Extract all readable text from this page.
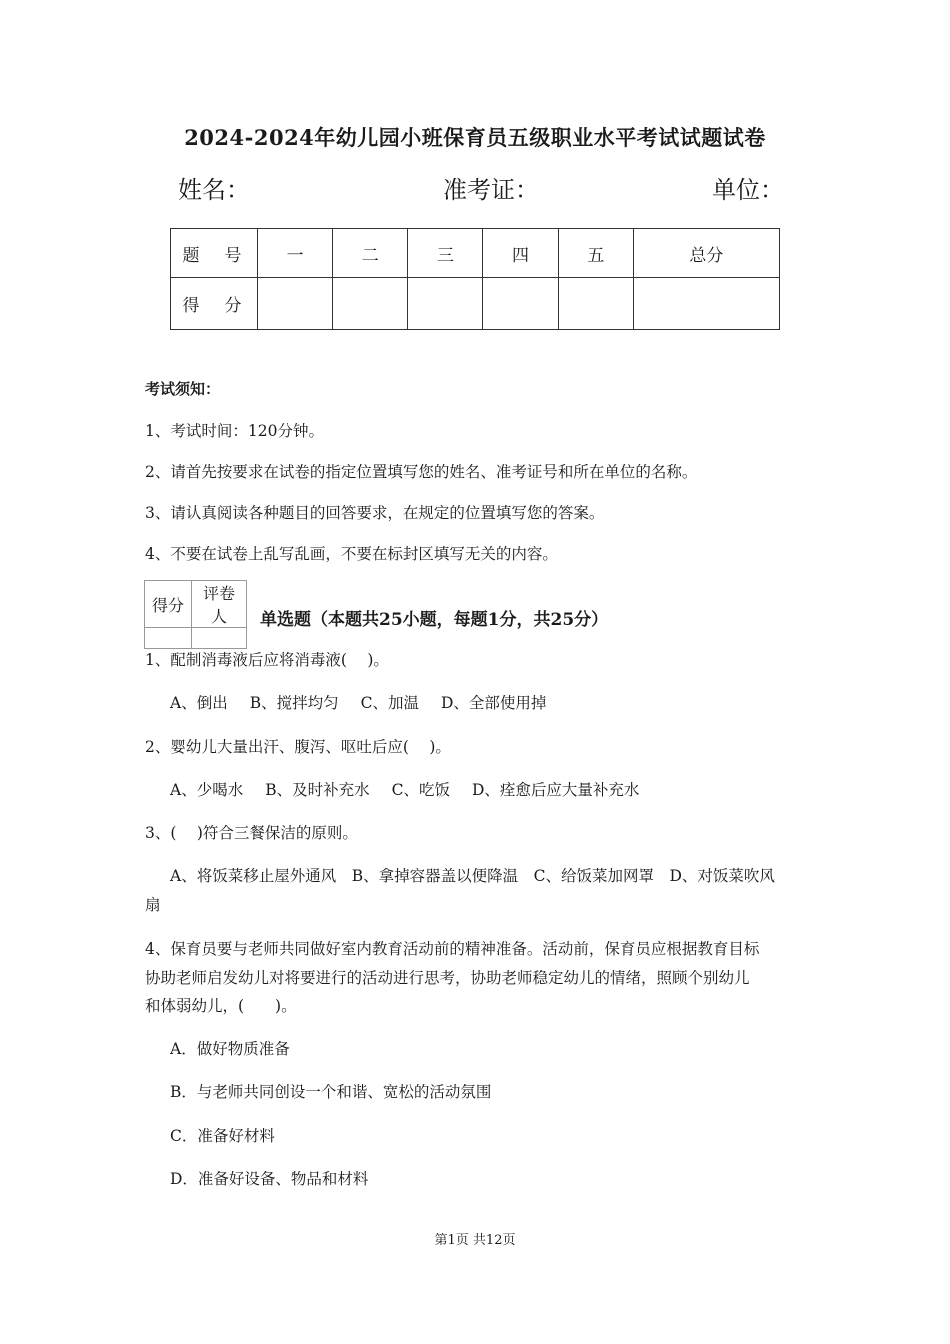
2024-2024年幼儿园小班保育员五级职业水平考试试题试卷
姓名：	准考证：	单位：
题　号	一	二	三	四	五	总分
得　分						
考试须知：
1、考试时间：120分钟。
2、请首先按要求在试卷的指定位置填写您的姓名、准考证号和所在单位的名称。
3、请认真阅读各种题目的回答要求，在规定的位置填写您的答案。
4、不要在试卷上乱写乱画，不要在标封区填写无关的内容。
得分	评卷人
	单选题（本题共25小题，每题1分，共25分）
1、配制消毒液后应将消毒液(　 )。
A、倒出 B、搅拌均匀 C、加温 D、全部使用掉
2、婴幼儿大量出汗、腹泻、呕吐后应(　 )。
A、少喝水 B、及时补充水 C、吃饭 D、痊愈后应大量补充水
3、(　 )符合三餐保洁的原则。
A、将饭菜移止屋外通风　B、拿掉容器盖以便降温　C、给饭菜加网罩　D、对饭菜吹风
扇
4、保育员要与老师共同做好室内教育活动前的精神准备。活动前，保育员应根据教育目标
协助老师启发幼儿对将要进行的活动进行思考，协助老师稳定幼儿的情绪，照顾个别幼儿
和体弱幼儿，(　　)。
A．做好物质准备
B．与老师共同创设一个和谐、宽松的活动氛围
C．准备好材料
D．准备好设备、物品和材料
第1页 共12页
